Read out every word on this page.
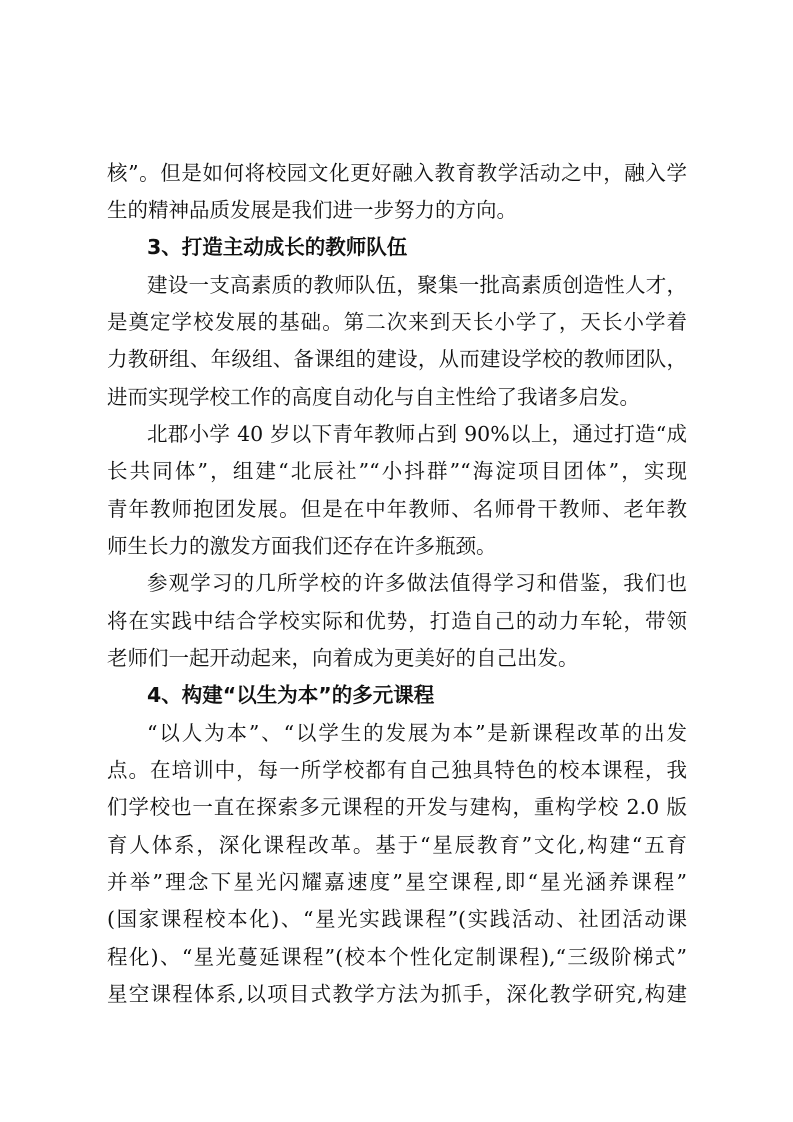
核”。但是如何将校园文化更好融入教育教学活动之中，融入学
生的精神品质发展是我们进一步努力的方向。
3、打造主动成长的教师队伍
建设一支高素质的教师队伍，聚集一批高素质创造性人才，
是奠定学校发展的基础。第二次来到天长小学了，天长小学着
力教研组、年级组、备课组的建设，从而建设学校的教师团队，
进而实现学校工作的高度自动化与自主性给了我诸多启发。
北郡小学 40 岁以下青年教师占到 90%以上，通过打造“成
长共同体”，组建“北辰社”“小抖群”“海淀项目团体”，实现
青年教师抱团发展。但是在中年教师、名师骨干教师、老年教
师生长力的激发方面我们还存在许多瓶颈。
参观学习的几所学校的许多做法值得学习和借鉴，我们也
将在实践中结合学校实际和优势，打造自己的动力车轮，带领
老师们一起开动起来，向着成为更美好的自己出发。
4、构建“以生为本”的多元课程
“以人为本”、“以学生的发展为本”是新课程改革的出发
点。在培训中，每一所学校都有自己独具特色的校本课程，我
们学校也一直在探索多元课程的开发与建构，重构学校 2.0 版
育人体系，深化课程改革。基于“星辰教育”文化,构建“五育
并举”理念下星光闪耀嘉速度”星空课程,即“星光涵养课程”
(国家课程校本化)、“星光实践课程”(实践活动、社团活动课
程化)、“星光蔓延课程”(校本个性化定制课程),“三级阶梯式”
星空课程体系,以项目式教学方法为抓手，深化教学研究,构建
